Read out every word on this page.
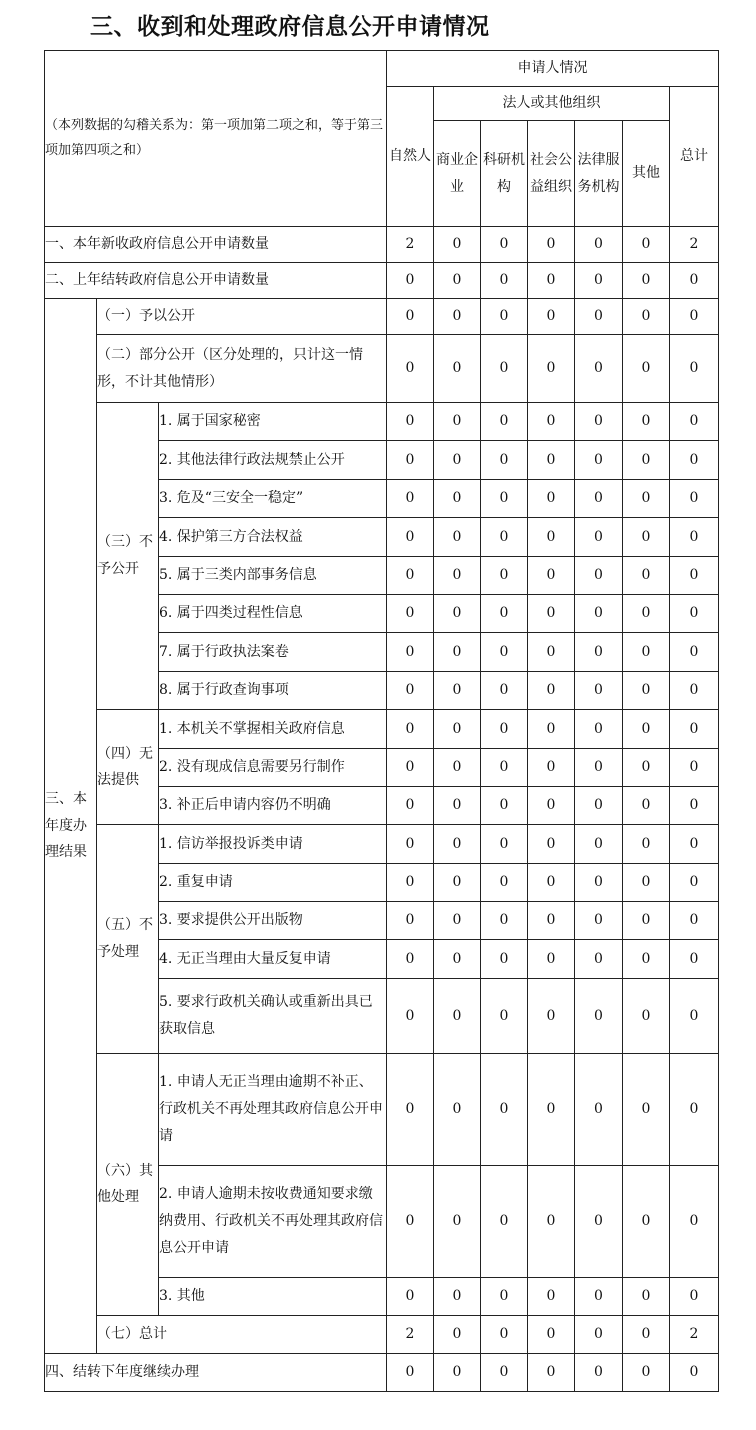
三、收到和处理政府信息公开申请情况
（本列数据的勾稽关系为：第一项加第二项之和，等于第三项加第四项之和）			申请人情况						
			自然人	法人或其他组织					总计
				商业企业	科研机构	社会公益组织	法律服务机构	其他	
一、本年新收政府信息公开申请数量			2	0	0	0	0	0	2
二、上年结转政府信息公开申请数量			0	0	0	0	0	0	0
三、本年度办理结果	（一）予以公开		0	0	0	0	0	0	0
	（二）部分公开（区分处理的，只计这一情形，不计其他情形）		0	0	0	0	0	0	0
	（三）不予公开	1. 属于国家秘密	0	0	0	0	0	0	0
		2. 其他法律行政法规禁止公开	0	0	0	0	0	0	0
		3. 危及“三安全一稳定”	0	0	0	0	0	0	0
		4. 保护第三方合法权益	0	0	0	0	0	0	0
		5. 属于三类内部事务信息	0	0	0	0	0	0	0
		6. 属于四类过程性信息	0	0	0	0	0	0	0
		7. 属于行政执法案卷	0	0	0	0	0	0	0
		8. 属于行政查询事项	0	0	0	0	0	0	0
	（四）无法提供	1. 本机关不掌握相关政府信息	0	0	0	0	0	0	0
		2. 没有现成信息需要另行制作	0	0	0	0	0	0	0
		3. 补正后申请内容仍不明确	0	0	0	0	0	0	0
	（五）不予处理	1. 信访举报投诉类申请	0	0	0	0	0	0	0
		2. 重复申请	0	0	0	0	0	0	0
		3. 要求提供公开出版物	0	0	0	0	0	0	0
		4. 无正当理由大量反复申请	0	0	0	0	0	0	0
		5. 要求行政机关确认或重新出具已获取信息	0	0	0	0	0	0	0
	（六）其他处理	1. 申请人无正当理由逾期不补正、行政机关不再处理其政府信息公开申请	0	0	0	0	0	0	0
		2. 申请人逾期未按收费通知要求缴纳费用、行政机关不再处理其政府信息公开申请	0	0	0	0	0	0	0
		3. 其他	0	0	0	0	0	0	0
	（七）总计		2	0	0	0	0	0	2
四、结转下年度继续办理			0	0	0	0	0	0	0
